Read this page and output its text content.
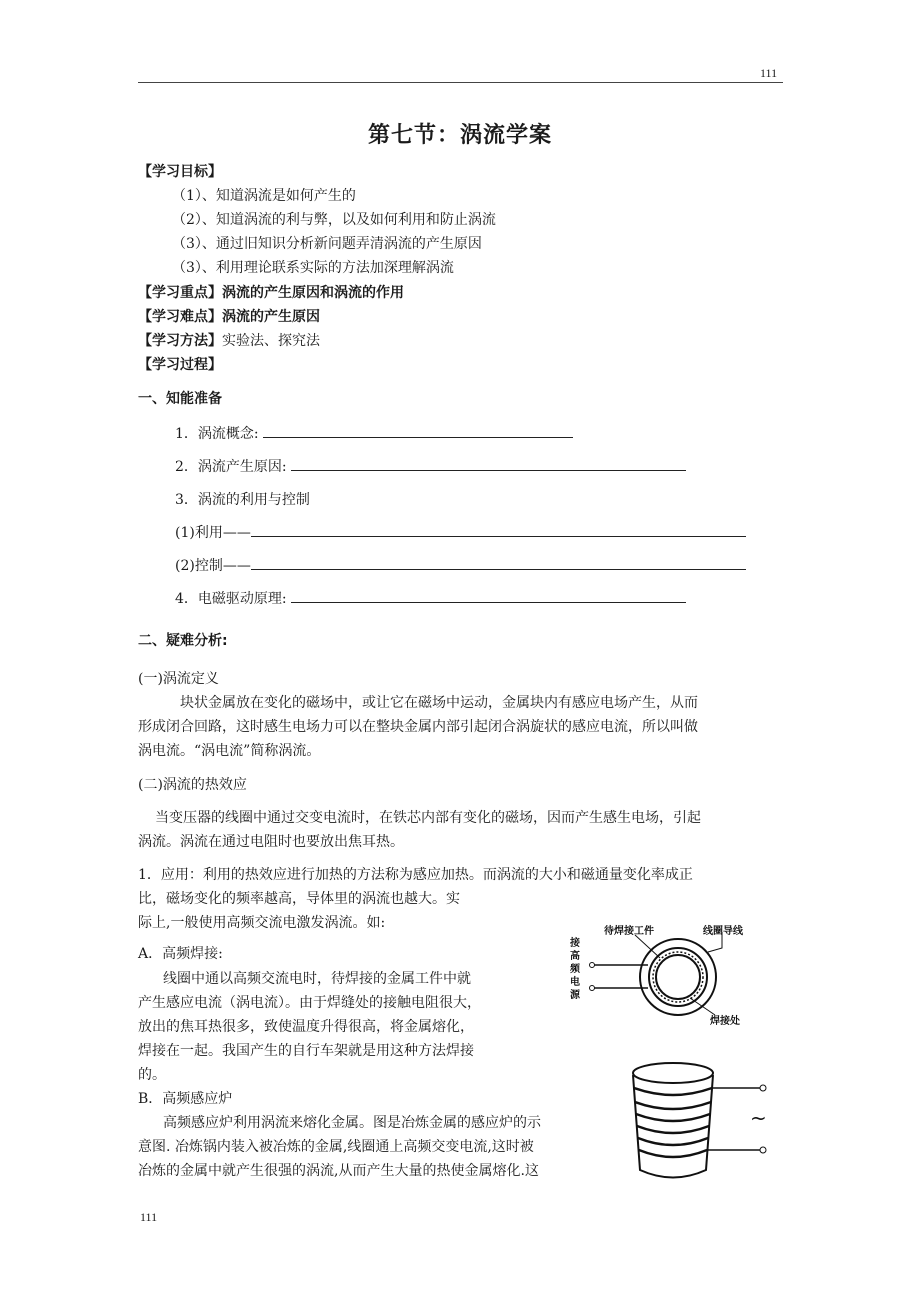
111
第七节：涡流学案
【学习目标】
（1）、知道涡流是如何产生的
（2）、知道涡流的利与弊，以及如何利用和防止涡流
（3）、通过旧知识分析新问题弄清涡流的产生原因
（3）、利用理论联系实际的方法加深理解涡流
【学习重点】涡流的产生原因和涡流的作用
【学习难点】涡流的产生原因
【学习方法】实验法、探究法
【学习过程】
一、知能准备
1．涡流概念:
2．涡流产生原因:
3．涡流的利用与控制
(1)利用——
(2)控制——
4．电磁驱动原理:
二、疑难分析:
(一)涡流定义
块状金属放在变化的磁场中，或让它在磁场中运动，金属块内有感应电场产生，从而
形成闭合回路，这时感生电场力可以在整块金属内部引起闭合涡旋状的感应电流，所以叫做
涡电流。“涡电流”简称涡流。
(二)涡流的热效应
当变压器的线圈中通过交变电流时，在铁芯内部有变化的磁场，因而产生感生电场，引起
涡流。涡流在通过电阻时也要放出焦耳热。
1．应用：利用的热效应进行加热的方法称为感应加热。而涡流的大小和磁通量变化率成正
比，磁场变化的频率越高，导体里的涡流也越大。实
际上,一般使用高频交流电激发涡流。如:
A．高频焊接:
线圈中通以高频交流电时，待焊接的金属工件中就
产生感应电流（涡电流）。由于焊缝处的接触电阻很大，
放出的焦耳热很多，致使温度升得很高，将金属熔化，
焊接在一起。我国产生的自行车架就是用这种方法焊接
的。
B．高频感应炉
高频感应炉利用涡流来熔化金属。图是冶炼金属的感应炉的示
意图. 冶炼锅内装入被冶炼的金属,线圈通上高频交变电流,这时被
冶炼的金属中就产生很强的涡流,从而产生大量的热使金属熔化.这
待焊接工件	线圈导线
接
高
频
电
源
焊接处
~
111
